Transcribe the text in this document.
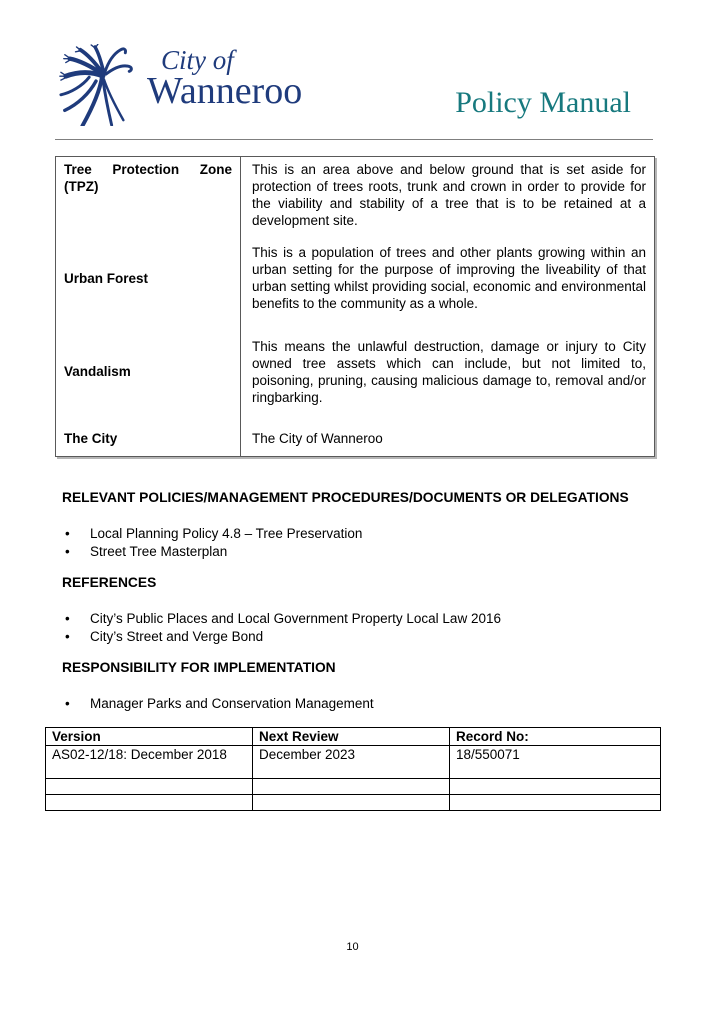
City of
Wanneroo	Policy Manual
Tree Protection Zone (TPZ)	This is an area above and below ground that is set aside for protection of trees roots, trunk and crown in order to provide for the viability and stability of a tree that is to be retained at a development site.
Urban Forest	This is a population of trees and other plants growing within an urban setting for the purpose of improving the liveability of that urban setting whilst providing social, economic and environmental benefits to the community as a whole.
Vandalism	This means the unlawful destruction, damage or injury to City owned tree assets which can include, but not limited to, poisoning, pruning, causing malicious damage to, removal and/or ringbarking.
The City	The City of Wanneroo
RELEVANT POLICIES/MANAGEMENT PROCEDURES/DOCUMENTS OR DELEGATIONS
• Local Planning Policy 4.8 – Tree Preservation
• Street Tree Masterplan
REFERENCES
• City’s Public Places and Local Government Property Local Law 2016
• City’s Street and Verge Bond
RESPONSIBILITY FOR IMPLEMENTATION
• Manager Parks and Conservation Management
Version	Next Review	Record No:
AS02-12/18: December 2018	December 2023	18/550071

10
